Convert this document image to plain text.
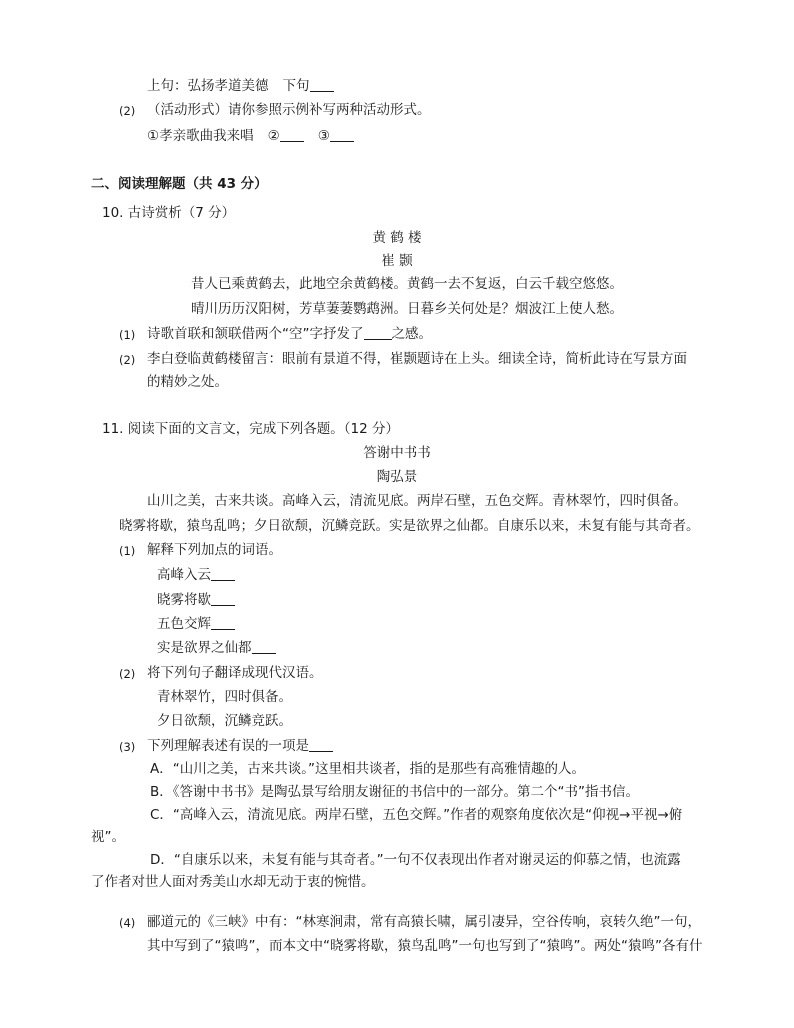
上句：弘扬孝道美德 下句
(2) （活动形式）请你参照示例补写两种活动形式。
①孝亲歌曲我来唱 ②	③
二、阅读理解题（共 43 分）
10. 古诗赏析（7 分）
黄 鹤 楼
崔 颢
昔人已乘黄鹤去，此地空余黄鹤楼。黄鹤一去不复返，白云千载空悠悠。
晴川历历汉阳树，芳草萋萋鹦鹉洲。日暮乡关何处是？烟波江上使人愁。
(1) 诗歌首联和颔联借两个“空”字抒发了 之感。
(2) 李白登临黄鹤楼留言：眼前有景道不得，崔颢题诗在上头。细读全诗，简析此诗在写景方面
的精妙之处。
11. 阅读下面的文言文，完成下列各题。（12 分）
答谢中书书
陶弘景
山川之美，古来共谈。高峰入云，清流见底。两岸石壁，五色交辉。青林翠竹，四时俱备。
晓雾将歇，猿鸟乱鸣；夕日欲颓，沉鳞竞跃。实是欲界之仙都。自康乐以来，未复有能与其奇者。
(1) 解释下列加点的词语。
高峰入云
晓雾将歇
五色交辉
实是欲界之仙都
(2) 将下列句子翻译成现代汉语。
青林翠竹，四时俱备。
夕日欲颓，沉鳞竞跃。
(3) 下列理解表述有误的一项是
A．“山川之美，古来共谈。”这里相共谈者，指的是那些有高雅情趣的人。
B．《答谢中书书》是陶弘景写给朋友谢征的书信中的一部分。第二个“书”指书信。
C．“高峰入云，清流见底。两岸石壁，五色交辉。”作者的观察角度依次是“仰视→平视→俯
视”。
D．“自康乐以来，未复有能与其奇者。”一句不仅表现出作者对谢灵运的仰慕之情，也流露
了作者对世人面对秀美山水却无动于衷的惋惜。
(4) 郦道元的《三峡》中有：“林寒涧肃，常有高猿长啸，属引凄异，空谷传响，哀转久绝”一句，
其中写到了“猿鸣”，而本文中“晓雾将歇，猿鸟乱鸣”一句也写到了“猿鸣”。两处“猿鸣”各有什
